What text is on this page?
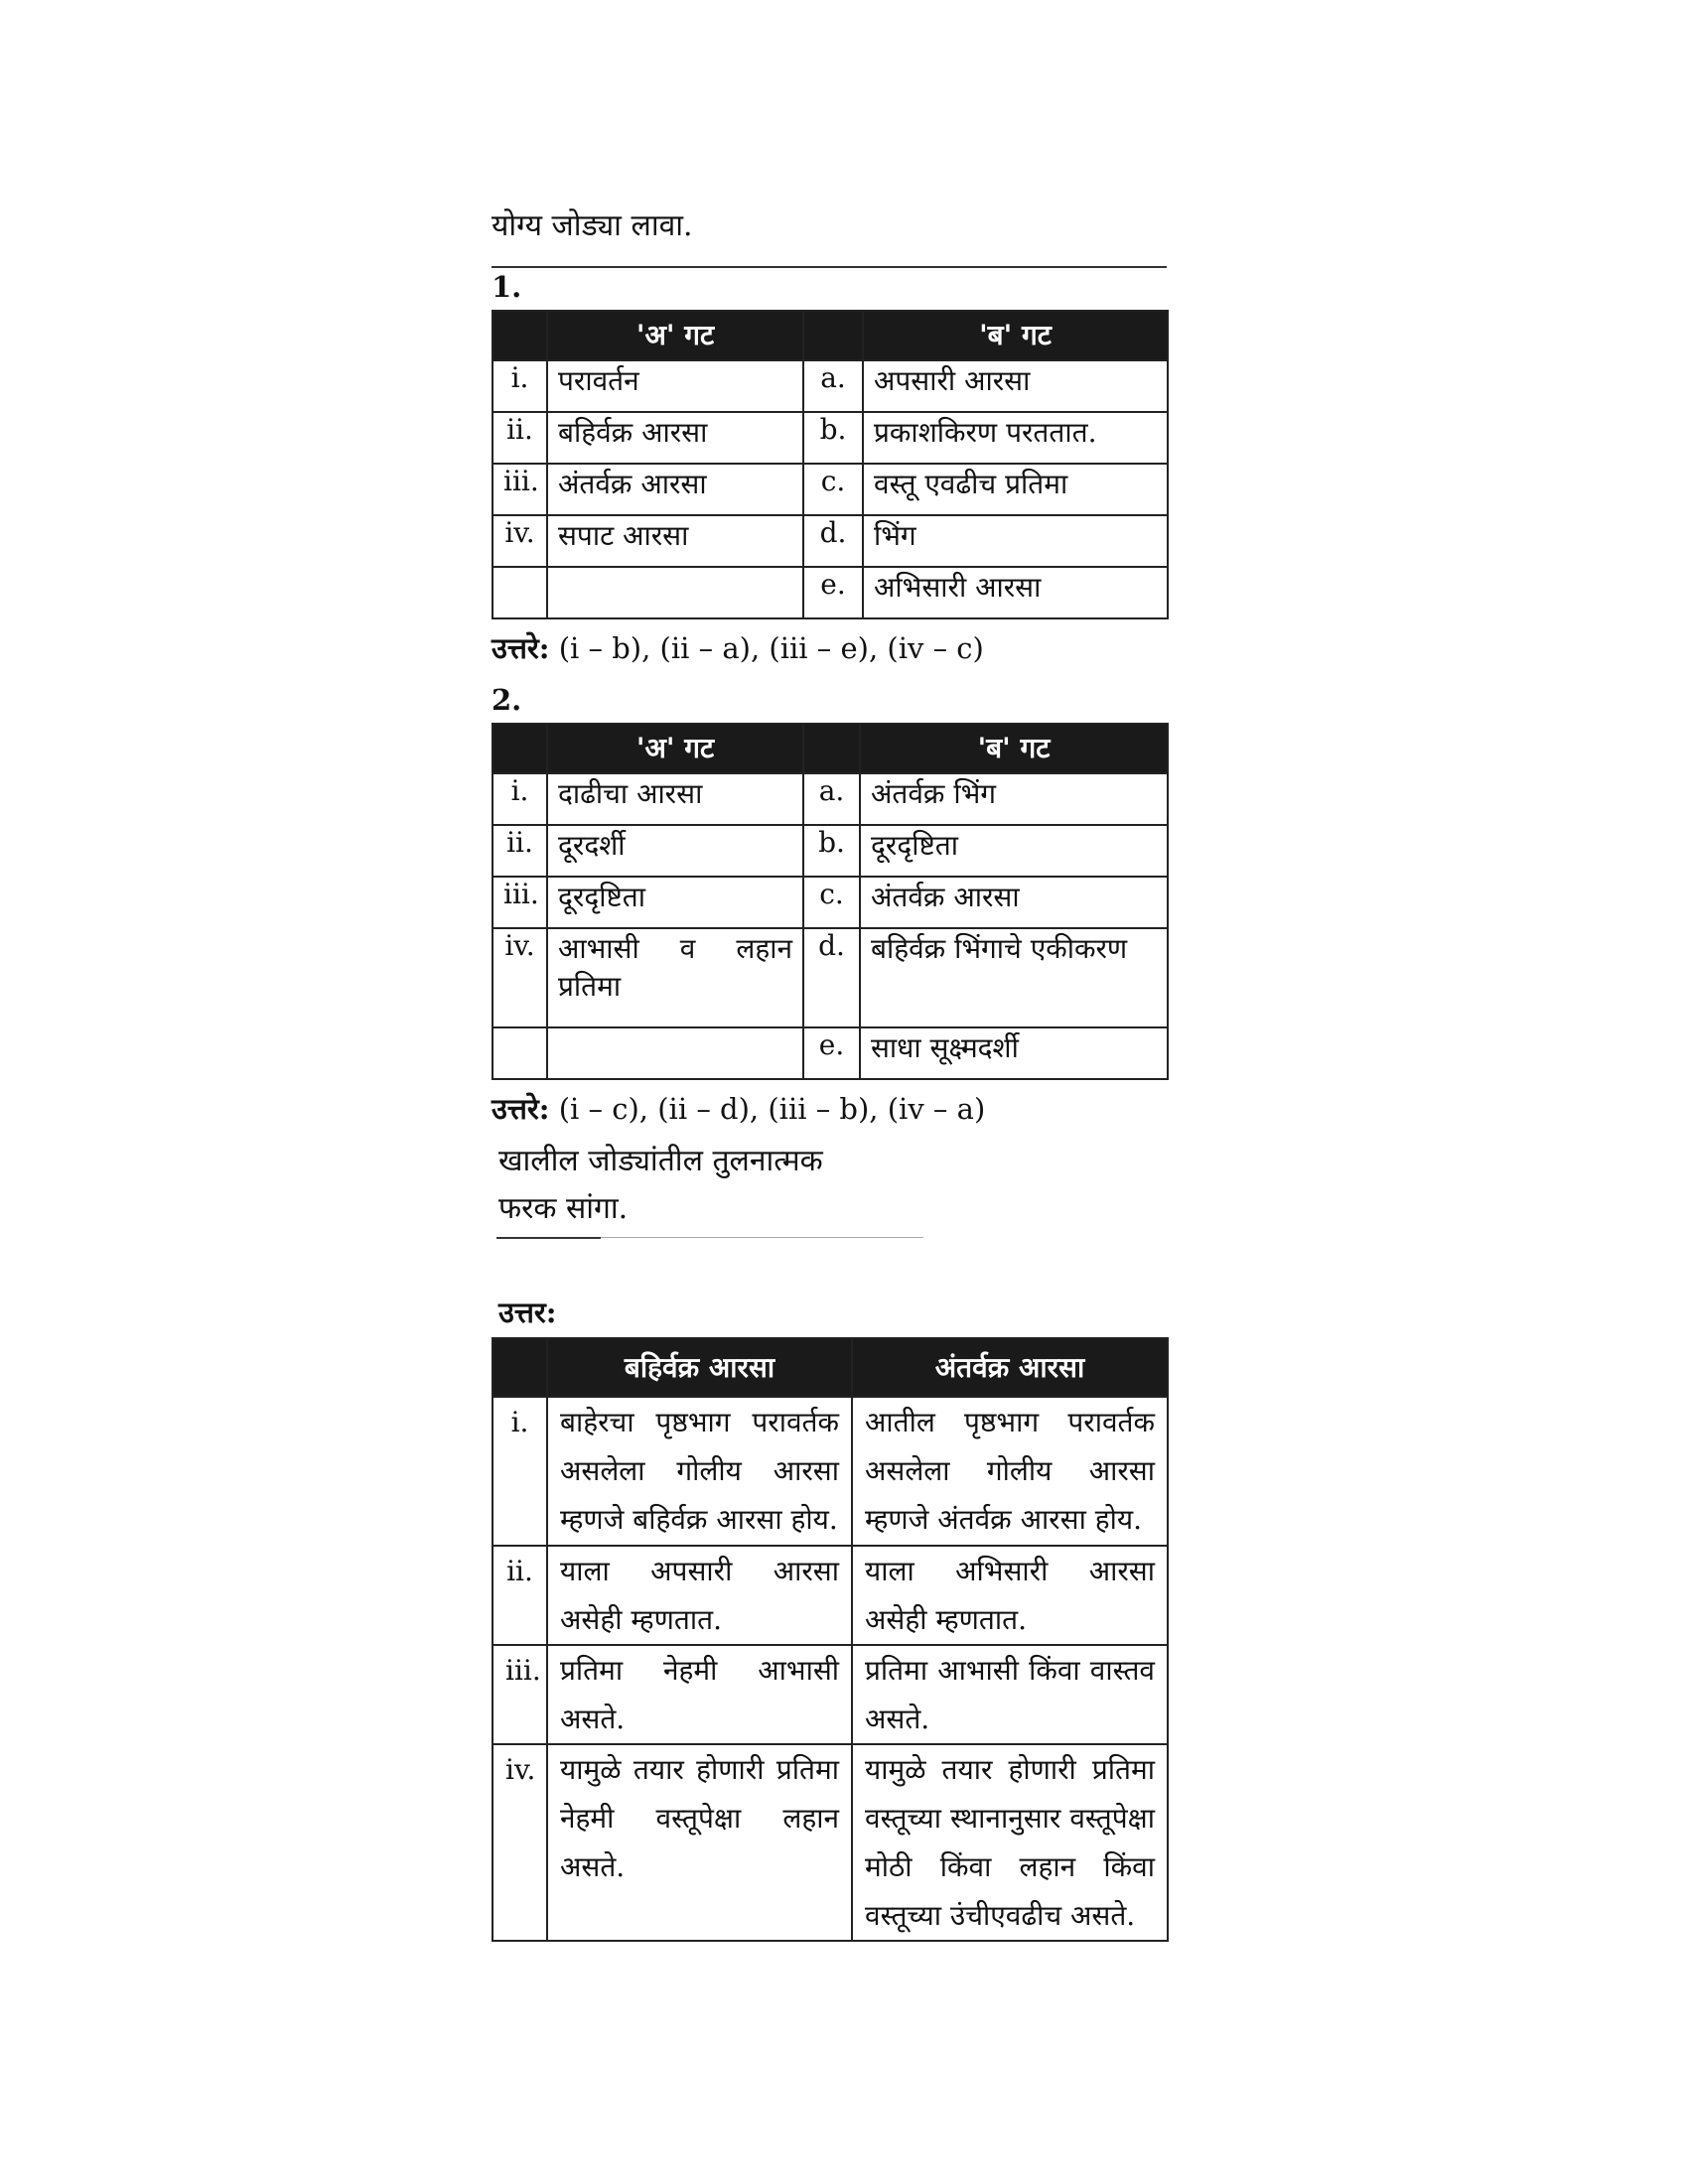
योग्य जोड्या लावा.
1.
	'अ' गट		'ब' गट
i.	परावर्तन	a.	अपसारी आरसा
ii.	बहिर्वक्र आरसा	b.	प्रकाशकिरण परततात.
iii.	अंतर्वक्र आरसा	c.	वस्तू एवढीच प्रतिमा
iv.	सपाट आरसा	d.	भिंग
		e.	अभिसारी आरसा
उत्तरे: (i – b), (ii – a), (iii – e), (iv – c)
2.
	'अ' गट		'ब' गट
i.	दाढीचा आरसा	a.	अंतर्वक्र भिंग
ii.	दूरदर्शी	b.	दूरदृष्टिता
iii.	दूरदृष्टिता	c.	अंतर्वक्र आरसा
iv.	आभासी व लहान प्रतिमा	d.	बहिर्वक्र भिंगाचे एकीकरण
		e.	साधा सूक्ष्मदर्शी
उत्तरे: (i – c), (ii – d), (iii – b), (iv – a)
खालील जोड्यांतील तुलनात्मक
फरक सांगा.
उत्तर:
	बहिर्वक्र आरसा	अंतर्वक्र आरसा
i.	बाहेरचा पृष्ठभाग परावर्तक असलेला गोलीय आरसा म्हणजे बहिर्वक्र आरसा होय.	आतील पृष्ठभाग परावर्तक असलेला गोलीय आरसा म्हणजे अंतर्वक्र आरसा होय.
ii.	याला अपसारी आरसा असेही म्हणतात.	याला अभिसारी आरसा असेही म्हणतात.
iii.	प्रतिमा नेहमी आभासी असते.	प्रतिमा आभासी किंवा वास्तव असते.
iv.	यामुळे तयार होणारी प्रतिमा नेहमी वस्तूपेक्षा लहान असते.	यामुळे तयार होणारी प्रतिमा वस्तूच्या स्थानानुसार वस्तूपेक्षा मोठी किंवा लहान किंवा वस्तूच्या उंचीएवढीच असते.
